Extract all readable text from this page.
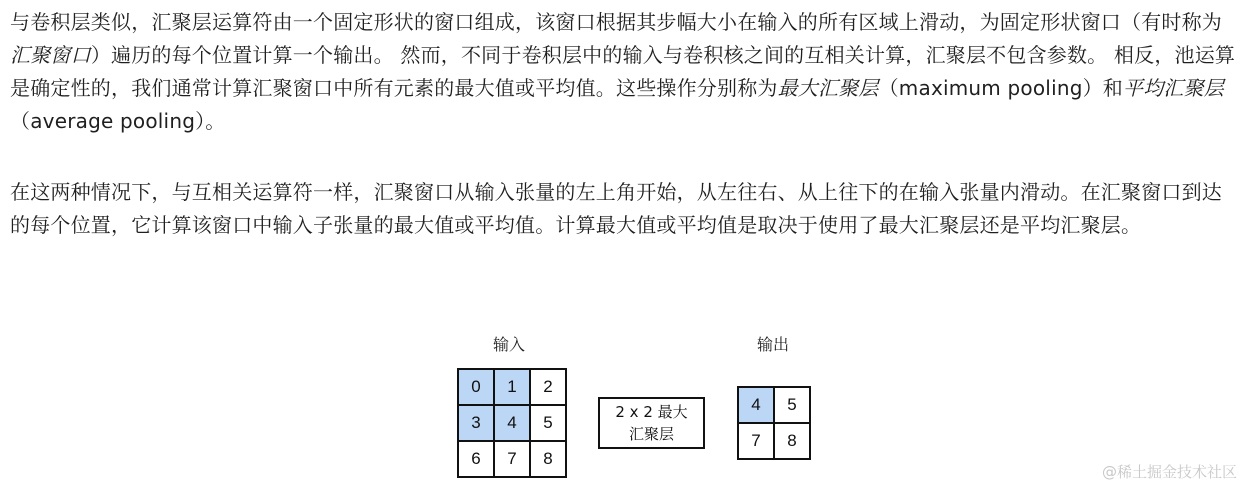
与卷积层类似，汇聚层运算符由一个固定形状的窗口组成，该窗口根据其步幅大小在输入的所有区域上滑动，为固定形状窗口（有时称为汇聚窗口）遍历的每个位置计算一个输出。 然而，不同于卷积层中的输入与卷积核之间的互相关计算，汇聚层不包含参数。 相反，池运算是确定性的，我们通常计算汇聚窗口中所有元素的最大值或平均值。这些操作分别称为最大汇聚层（maximum pooling）和平均汇聚层（average pooling）。

在这两种情况下，与互相关运算符一样，汇聚窗口从输入张量的左上角开始，从左往右、从上往下的在输入张量内滑动。在汇聚窗口到达的每个位置，它计算该窗口中输入子张量的最大值或平均值。计算最大值或平均值是取决于使用了最大汇聚层还是平均汇聚层。

输入	输出
0	1	2
3	4	5
6	7	8
2 x 2 最大
汇聚层
4	5
7	8
@稀土掘金技术社区
